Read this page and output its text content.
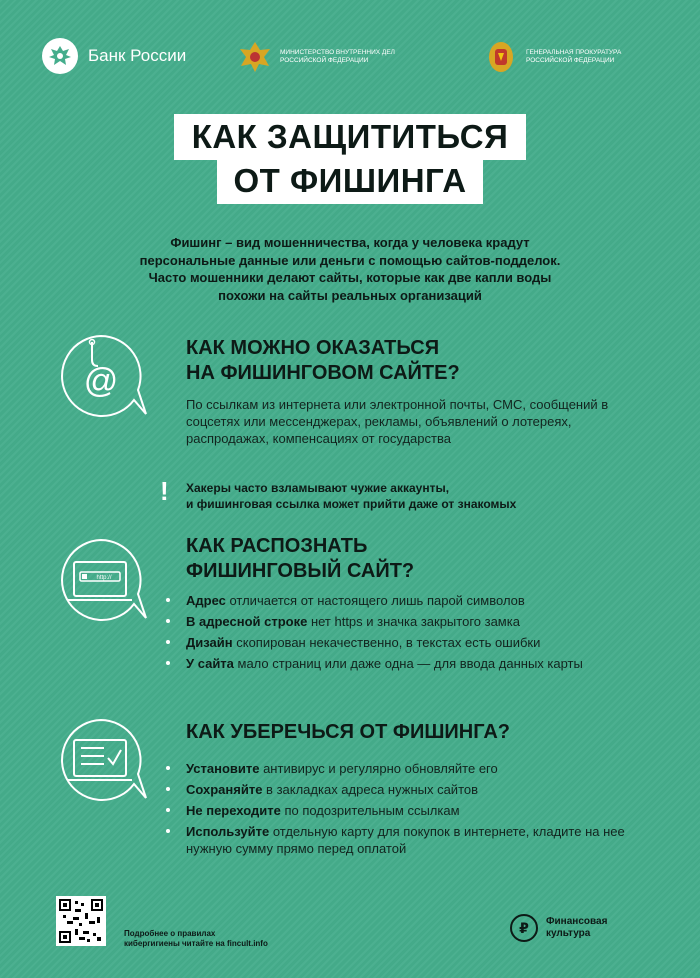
Банк России	МИНИСТЕРСТВО ВНУТРЕННИХ ДЕЛ РОССИЙСКОЙ ФЕДЕРАЦИИ
ГЕНЕРАЛЬНАЯ ПРОКУРАТУРА РОССИЙСКОЙ ФЕДЕРАЦИИ
КАК ЗАЩИТИТЬСЯ
ОТ ФИШИНГА
Фишинг – вид мошенничества, когда у человека крадут
персональные данные или деньги с помощью сайтов-подделок.
Часто мошенники делают сайты, которые как две капли воды
похожи на сайты реальных организаций
@
КАК МОЖНО ОКАЗАТЬСЯ
НА ФИШИНГОВОМ САЙТЕ?
По ссылкам из интернета или электронной почты, СМС, сообщений в соцсетях или мессенджерах, рекламы, объявлений о лотереях, распродажах, компенсациях от государства
! Хакеры часто взламывают чужие аккаунты,
и фишинговая ссылка может прийти даже от знакомых
http://
КАК РАСПОЗНАТЬ
ФИШИНГОВЫЙ САЙТ?
Адрес отличается от настоящего лишь парой символов
В адресной строке нет https и значка закрытого замка
Дизайн скопирован некачественно, в текстах есть ошибки
У сайта мало страниц или даже одна — для ввода данных карты
КАК УБЕРЕЧЬСЯ ОТ ФИШИНГА?
Установите антивирус и регулярно обновляйте его
Сохраняйте в закладках адреса нужных сайтов
Не переходите по подозрительным ссылкам
Используйте отдельную карту для покупок в интернете, кладите на нее нужную сумму прямо перед оплатой
Подробнее о правилах
кибергигиены читайте на fincult.info
₽	Финансовая
культура
